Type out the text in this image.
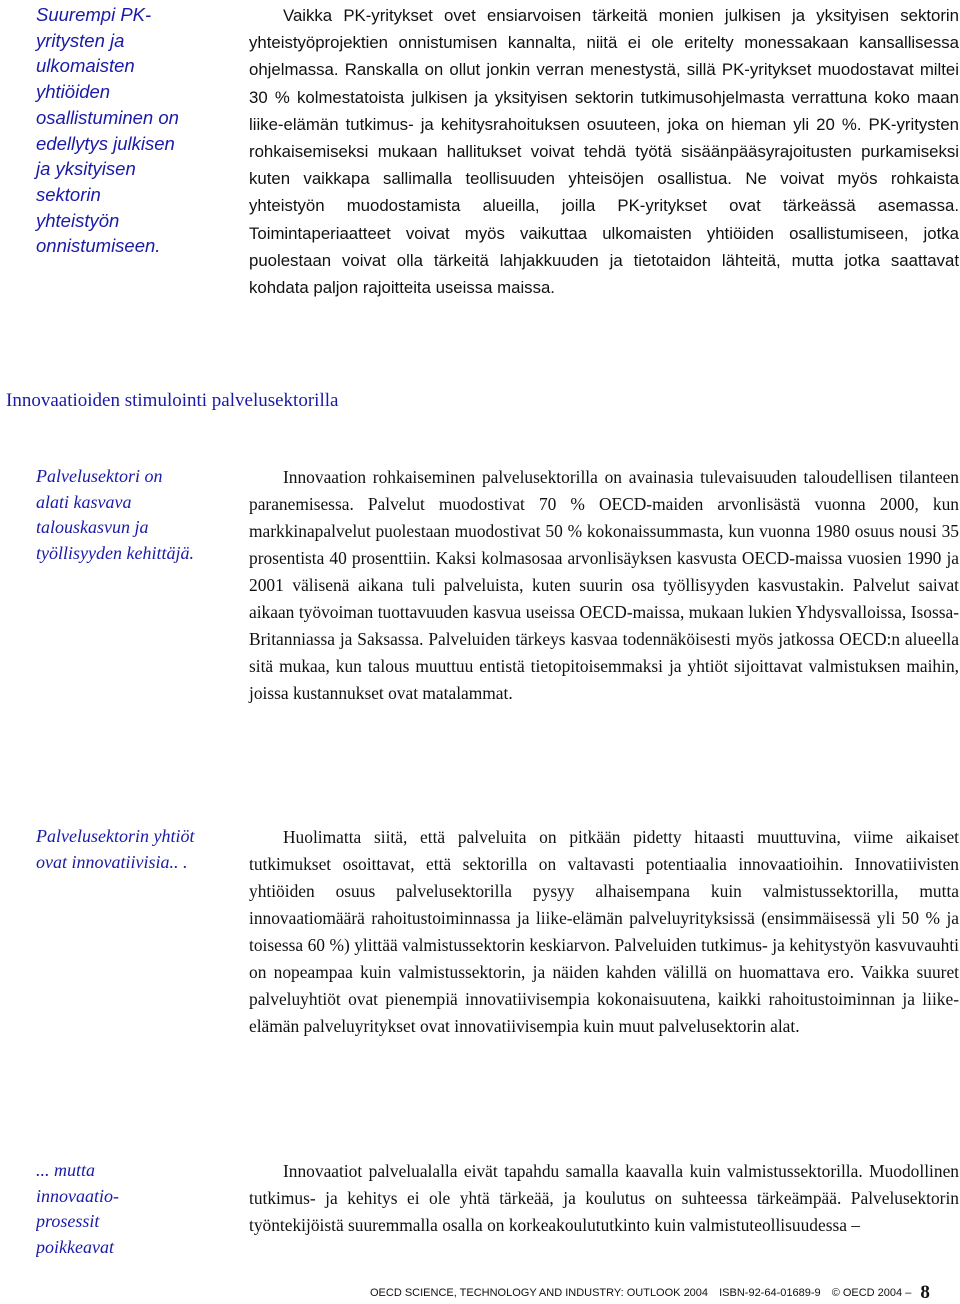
Suurempi PK-yritysten ja ulkomaisten yhtiöiden osallistuminen on edellytys julkisen ja yksityisen sektorin yhteistyön onnistumiseen.

Vaikka PK-yritykset ovet ensiarvoisen tärkeitä monien julkisen ja yksityisen sektorin yhteistyöprojektien onnistumisen kannalta, niitä ei ole eritelty monessakaan kansallisessa ohjelmassa. Ranskalla on ollut jonkin verran menestystä, sillä PK-yritykset muodostavat miltei 30 % kolmestatoista julkisen ja yksityisen sektorin tutkimusohjelmasta verrattuna koko maan liike-elämän tutkimus- ja kehitysrahoituksen osuuteen, joka on hieman yli 20 %. PK-yritysten rohkaisemiseksi mukaan hallitukset voivat tehdä työtä sisäänpääsyrajoitusten purkamiseksi kuten vaikkapa sallimalla teollisuuden yhteisöjen osallistua. Ne voivat myös rohkaista yhteistyön muodostamista alueilla, joilla PK-yritykset ovat tärkeässä asemassa. Toimintaperiaatteet voivat myös vaikuttaa ulkomaisten yhtiöiden osallistumiseen, jotka puolestaan voivat olla tärkeitä lahjakkuuden ja tietotaidon lähteitä, mutta jotka saattavat kohdata paljon rajoitteita useissa maissa.

Innovaatioiden stimulointi palvelusektorilla

Palvelusektori on alati kasvava talouskasvun ja työllisyyden kehittäjä.

Innovaation rohkaiseminen palvelusektorilla on avainasia tulevaisuuden taloudellisen tilanteen paranemisessa. Palvelut muodostivat 70 % OECD-maiden arvonlisästä vuonna 2000, kun markkinapalvelut puolestaan muodostivat 50 % kokonaissummasta, kun vuonna 1980 osuus nousi 35 prosentista 40 prosenttiin. Kaksi kolmasosaa arvonlisäyksen kasvusta OECD-maissa vuosien 1990 ja 2001 välisenä aikana tuli palveluista, kuten suurin osa työllisyyden kasvustakin. Palvelut saivat aikaan työvoiman tuottavuuden kasvua useissa OECD-maissa, mukaan lukien Yhdysvalloissa, Isossa-Britanniassa ja Saksassa. Palveluiden tärkeys kasvaa todennäköisesti myös jatkossa OECD:n alueella sitä mukaa, kun talous muuttuu entistä tietopitoisemmaksi ja yhtiöt sijoittavat valmistuksen maihin, joissa kustannukset ovat matalammat.

Palvelusektorin yhtiöt ovat innovatiivisia.. .

Huolimatta siitä, että palveluita on pitkään pidetty hitaasti muuttuvina, viime aikaiset tutkimukset osoittavat, että sektorilla on valtavasti potentiaalia innovaatioihin. Innovatiivisten yhtiöiden osuus palvelusektorilla pysyy alhaisempana kuin valmistussektorilla, mutta innovaatiomäärä rahoitustoiminnassa ja liike-elämän palveluyrityksissä (ensimmäisessä yli 50 % ja toisessa 60 %) ylittää valmistussektorin keskiarvon. Palveluiden tutkimus- ja kehitystyön kasvuvauhti on nopeampaa kuin valmistussektorin, ja näiden kahden välillä on huomattava ero. Vaikka suuret palveluyhtiöt ovat pienempiä innovatiivisempia kokonaisuutena, kaikki rahoitustoiminnan ja liike-elämän palveluyritykset ovat innovatiivisempia kuin muut palvelusektorin alat.

... mutta innovaatio-prosessit poikkeavat

Innovaatiot palvelualalla eivät tapahdu samalla kaavalla kuin valmistussektorilla. Muodollinen tutkimus- ja kehitys ei ole yhtä tärkeää, ja koulutus on suhteessa tärkeämpää. Palvelusektorin työntekijöistä suuremmalla osalla on korkeakoulututkinto kuin valmistuteollisuudessa –

OECD SCIENCE, TECHNOLOGY AND INDUSTRY: OUTLOOK 2004 ISBN-92-64-01689-9 © OECD 2004 – 8
